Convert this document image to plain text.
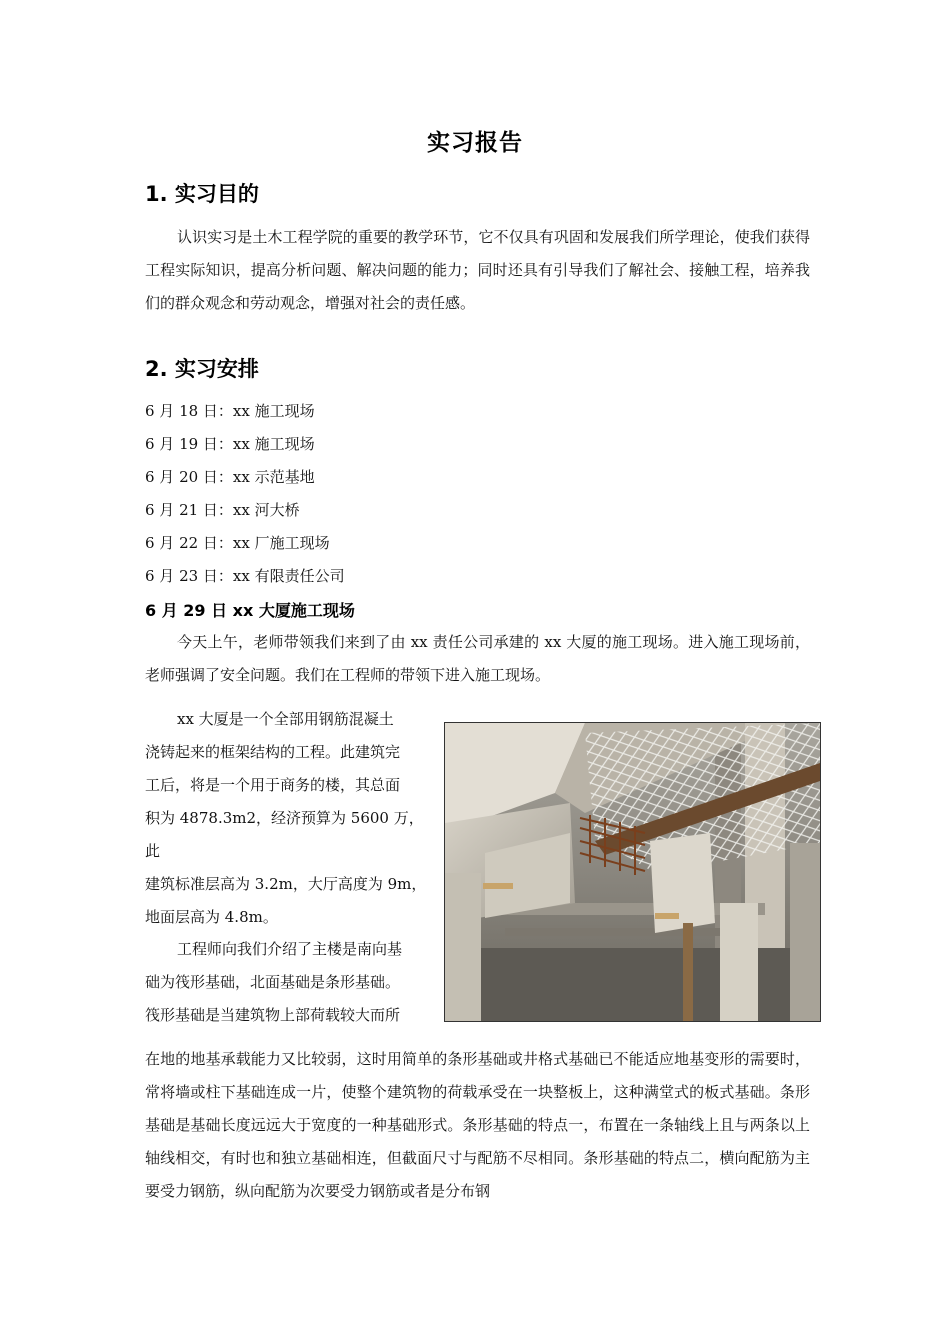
实习报告
1. 实习目的

认识实习是土木工程学院的重要的教学环节，它不仅具有巩固和发展我们所学理论，使我们获得工程实际知识，提高分析问题、解决问题的能力；同时还具有引导我们了解社会、接触工程，培养我们的群众观念和劳动观念，增强对社会的责任感。

2. 实习安排
6 月 18 日：xx 施工现场
6 月 19 日：xx 施工现场
6 月 20 日：xx 示范基地
6 月 21 日：xx 河大桥
6 月 22 日：xx 厂施工现场
6 月 23 日：xx 有限责任公司
6 月 29 日 xx 大厦施工现场

今天上午，老师带领我们来到了由 xx 责任公司承建的 xx 大厦的施工现场。进入施工现场前，老师强调了安全问题。我们在工程师的带领下进入施工现场。

xx 大厦是一个全部用钢筋混凝土

浇铸起来的框架结构的工程。此建筑完

工后，将是一个用于商务的楼，其总面

积为 4878.3m2，经济预算为 5600 万，此

建筑标准层高为 3.2m，大厅高度为 9m，

地面层高为 4.8m。

工程师向我们介绍了主楼是南向基

础为筏形基础，北面基础是条形基础。

筏形基础是当建筑物上部荷载较大而所

在地的地基承载能力又比较弱，这时用简单的条形基础或井格式基础已不能适应地基变形的需要时，常将墙或柱下基础连成一片，使整个建筑物的荷载承受在一块整板上，这种满堂式的板式基础。条形基础是基础长度远远大于宽度的一种基础形式。条形基础的特点一，布置在一条轴线上且与两条以上轴线相交，有时也和独立基础相连，但截面尺寸与配筋不尽相同。条形基础的特点二，横向配筋为主要受力钢筋，纵向配筋为次要受力钢筋或者是分布钢
